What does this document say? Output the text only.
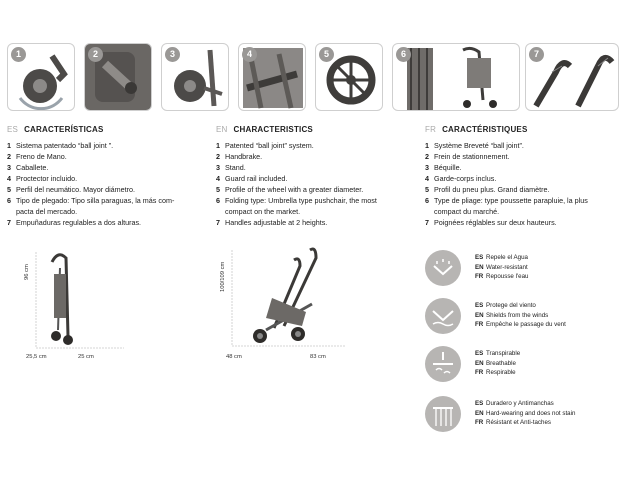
1	2	3	4	5	6	7
ES CARACTERÍSTICAS
1 Sistema patentado “ball joint ”.
2 Freno de Mano.
3 Caballete.
4 Proctector incluido.
5 Perfil del neumático. Mayor diámetro.
6 Tipo de plegado: Tipo silla paraguas, la más com-
pacta del mercado.
7 Empuñaduras regulables a dos alturas.
EN CHARACTERISTICS
1 Patented “ball joint” system.
2 Handbrake.
3 Stand.
4 Guard rail included.
5 Profile of the wheel with a greater diameter.
6 Folding type: Umbrella type pushchair, the most
compact on the market.
7 Handles adjustable at 2 heights.
FR CARACTÉRISTIQUES
1 Système Breveté “ball joint”.
2 Frein de stationnement.
3 Béquille.
4 Garde-corps inclus.
5 Profil du pneu plus. Grand diamètre.
6 Type de pliage: type poussette parapluie, la plus
compact du marché.
7 Poignées réglables sur deux hauteurs.
96 cm
25,5 cm	25 cm
100/109 cm
48 cm	83 cm
ES Repele el Agua
EN Water-resistant
FR Repousse l'eau
ES Protege del viento
EN Shields from the winds
FR Empêche le passage du vent
ES Transpirable
EN Breathable
FR Respirable
ES Duradero y Antimanchas
EN Hard-wearing and does not stain
FR Résistant et Anti-taches
